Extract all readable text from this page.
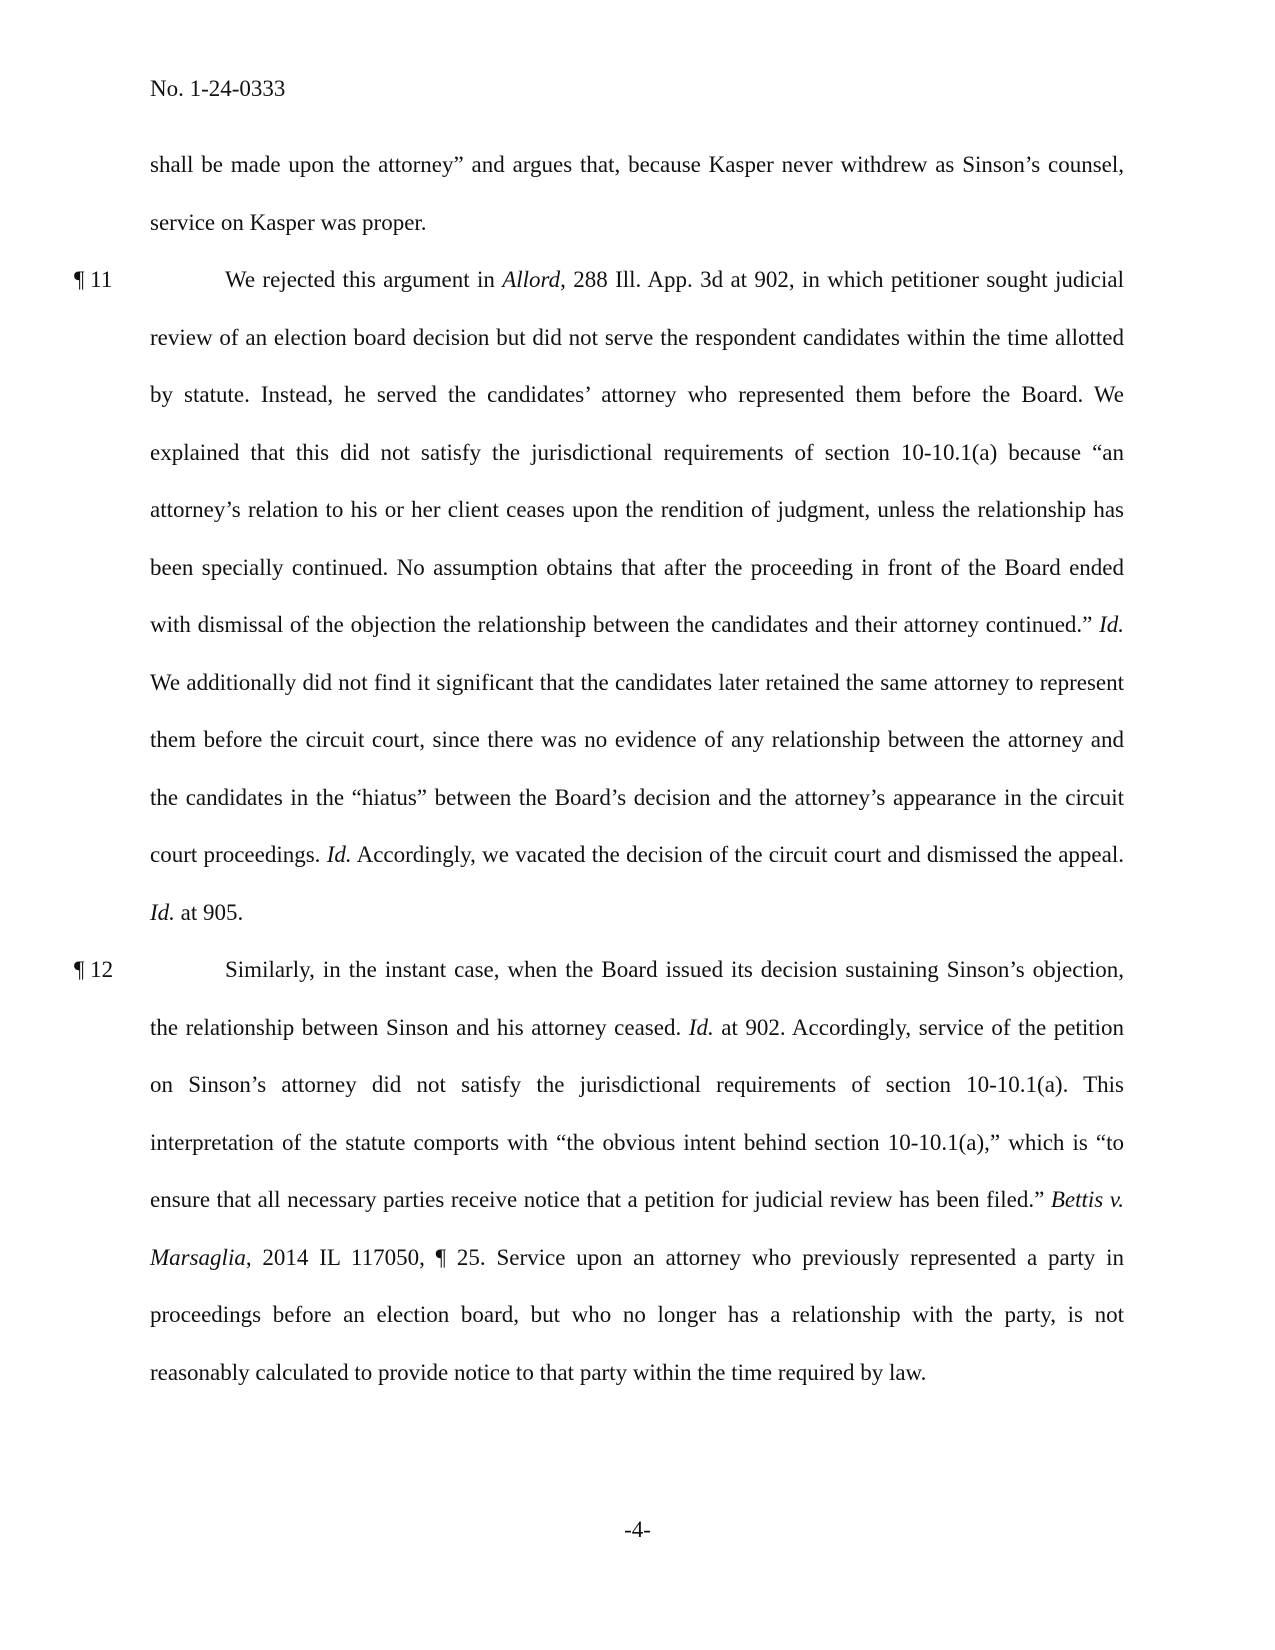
No. 1-24-0333

shall be made upon the attorney” and argues that, because Kasper never withdrew as Sinson’s counsel, service on Kasper was proper.

¶ 11	We rejected this argument in Allord, 288 Ill. App. 3d at 902, in which petitioner sought judicial review of an election board decision but did not serve the respondent candidates within the time allotted by statute. Instead, he served the candidates’ attorney who represented them before the Board. We explained that this did not satisfy the jurisdictional requirements of section 10-10.1(a) because “an attorney’s relation to his or her client ceases upon the rendition of judgment, unless the relationship has been specially continued. No assumption obtains that after the proceeding in front of the Board ended with dismissal of the objection the relationship between the candidates and their attorney continued.” Id. We additionally did not find it significant that the candidates later retained the same attorney to represent them before the circuit court, since there was no evidence of any relationship between the attorney and the candidates in the “hiatus” between the Board’s decision and the attorney’s appearance in the circuit court proceedings. Id. Accordingly, we vacated the decision of the circuit court and dismissed the appeal. Id. at 905.

¶ 12	Similarly, in the instant case, when the Board issued its decision sustaining Sinson’s objection, the relationship between Sinson and his attorney ceased. Id. at 902. Accordingly, service of the petition on Sinson’s attorney did not satisfy the jurisdictional requirements of section 10-10.1(a). This interpretation of the statute comports with “the obvious intent behind section 10-10.1(a),” which is “to ensure that all necessary parties receive notice that a petition for judicial review has been filed.” Bettis v. Marsaglia, 2014 IL 117050, ¶ 25. Service upon an attorney who previously represented a party in proceedings before an election board, but who no longer has a relationship with the party, is not reasonably calculated to provide notice to that party within the time required by law.

-4-
